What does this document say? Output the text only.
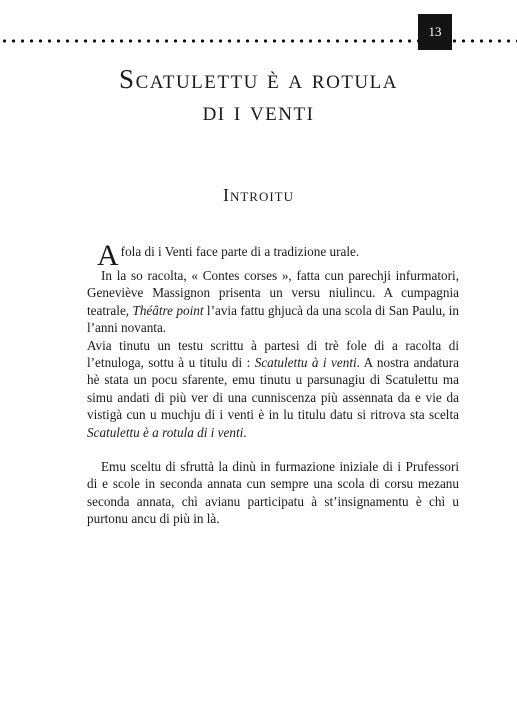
13
Scatulettu è a rotula
di i venti
Introitu

Afola di i Venti face parte di a tradizione urale.

In la so racolta, « Contes corses », fatta cun parechji infurmatori, Geneviève Massignon prisenta un versu niulincu. A cumpagnia teatrale, Théâtre point l’avia fattu ghjucà da una scola di San Paulu, in l’anni novanta.

Avia tinutu un testu scrittu à partesi di trè fole di a racolta di l’etnuloga, sottu à u titulu di : Scatulettu à i venti. A nostra andatura hè stata un pocu sfarente, emu tinutu u parsunagiu di Scatulettu ma simu andati di più ver di una cunniscenza più assennata da e vie da vistigà cun u muchju di i venti è in lu titulu datu si ritrova sta scelta Scatulettu è a rotula di i venti.

Emu sceltu di sfruttà la dinù in furmazione iniziale di i Prufessori di e scole in seconda annata cun sempre una scola di corsu mezanu seconda annata, chì avianu participatu à st’insignamentu è chì u purtonu ancu di più in là.
